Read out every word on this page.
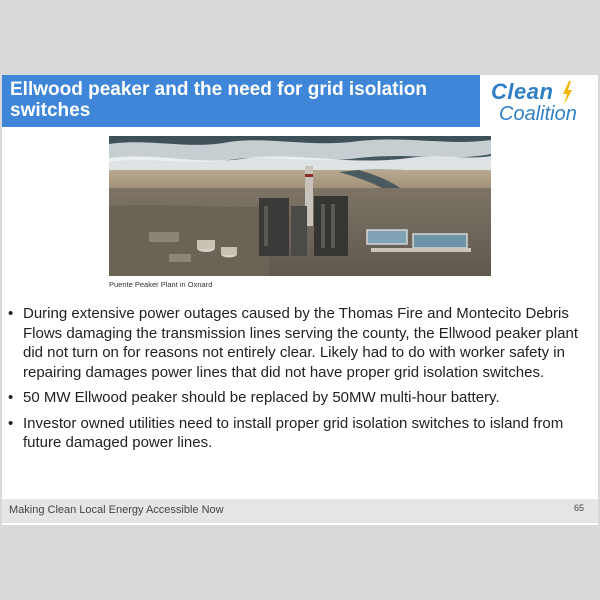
Ellwood peaker and the need for grid isolation switches
Clean
Coalition
Puente Peaker Plant in Oxnard
• During extensive power outages caused by the Thomas Fire and Montecito Debris Flows damaging the transmission lines serving the county, the Ellwood peaker plant did not turn on for reasons not entirely clear. Likely had to do with worker safety in repairing damages power lines that did not have proper grid isolation switches.
• 50 MW Ellwood peaker should be replaced by 50MW multi-hour battery.
• Investor owned utilities need to install proper grid isolation switches to island from future damaged power lines.
Making Clean Local Energy Accessible Now	65
